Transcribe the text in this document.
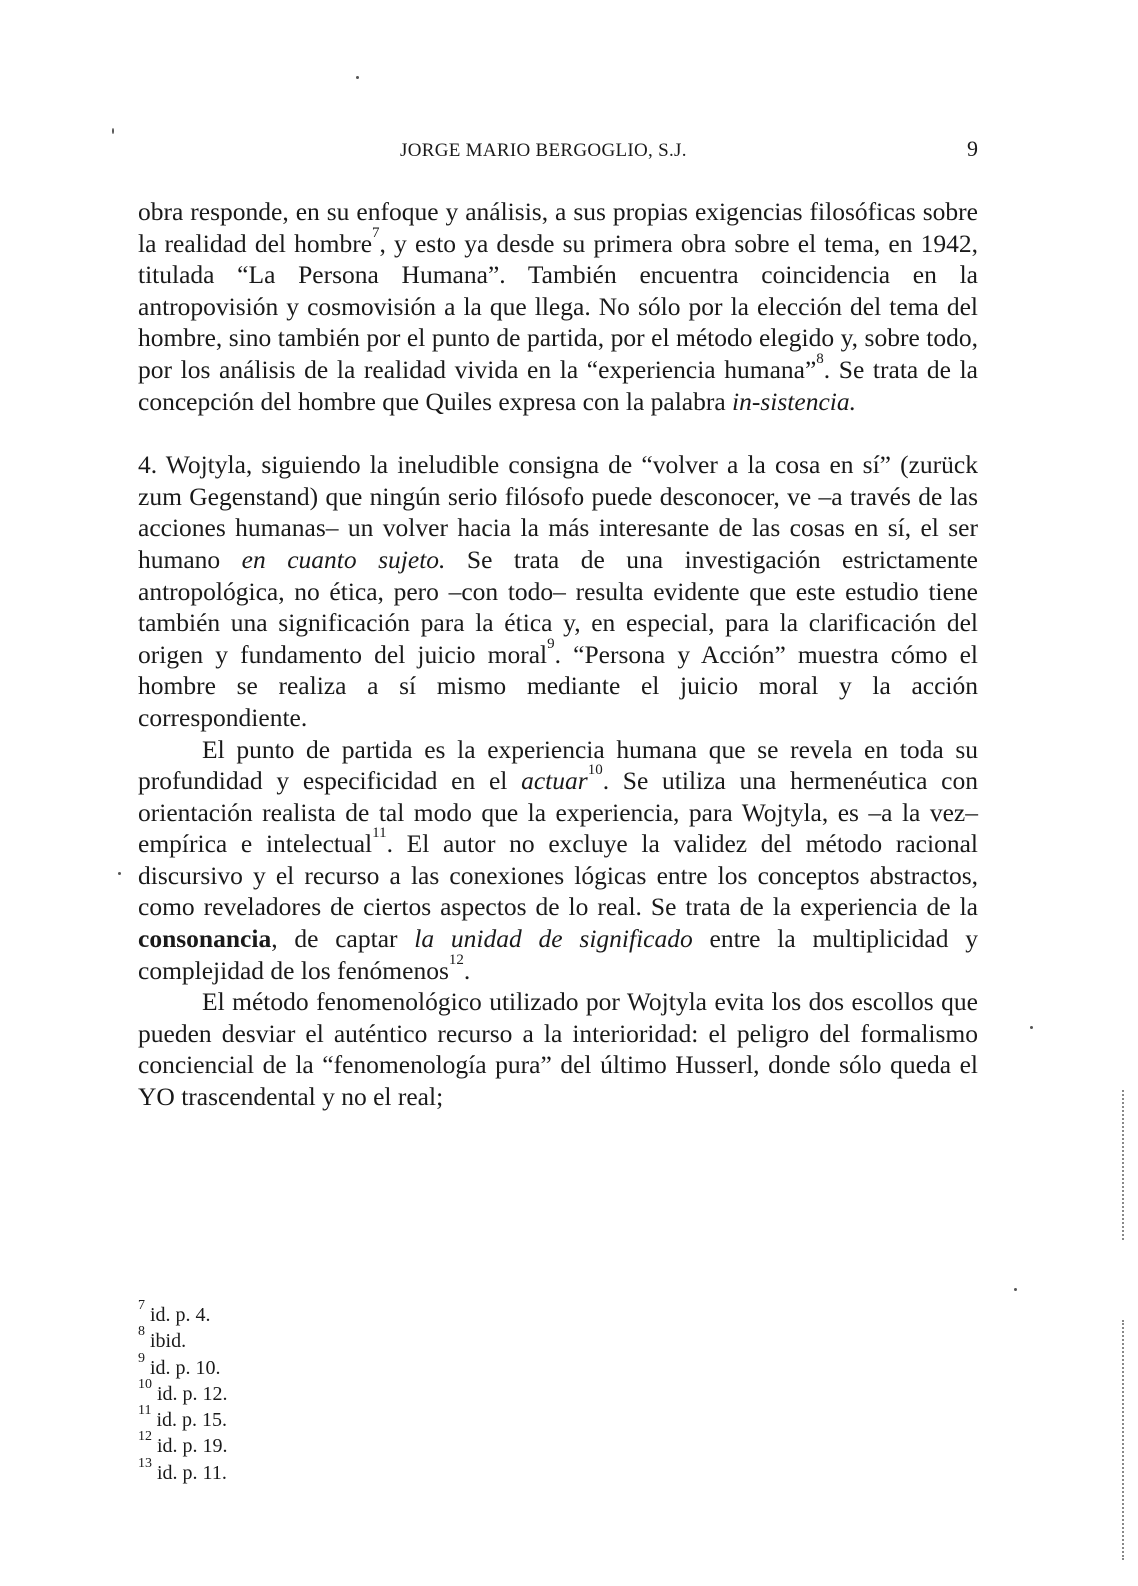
JORGE MARIO BERGOGLIO, S.J.	9

obra responde, en su enfoque y análisis, a sus propias exigencias filosóficas sobre la realidad del hombre$^7$, y esto ya desde su primera obra sobre el tema, en 1942, titulada “La Persona Humana”. También encuentra coincidencia en la antropovisión y cosmovisión a la que llega. No sólo por la elección del tema del hombre, sino también por el punto de partida, por el método elegido y, sobre todo, por los análisis de la realidad vivida en la “experiencia humana”$^8$. Se trata de la concepción del hombre que Quiles expresa con la palabra in-sistencia.

4. Wojtyla, siguiendo la ineludible consigna de “volver a la cosa en sí” (zurück zum Gegenstand) que ningún serio filósofo puede desconocer, ve –a través de las acciones humanas– un volver hacia la más interesante de las cosas en sí, el ser humano en cuanto sujeto. Se trata de una investigación estrictamente antropológica, no ética, pero –con todo– resulta evidente que este estudio tiene también una significación para la ética y, en especial, para la clarificación del origen y fundamento del juicio moral$^9$. “Persona y Acción” muestra cómo el hombre se realiza a sí mismo mediante el juicio moral y la acción correspondiente.

El punto de partida es la experiencia humana que se revela en toda su profundidad y especificidad en el actuar$^{10}$. Se utiliza una hermenéutica con orientación realista de tal modo que la experiencia, para Wojtyla, es –a la vez– empírica e intelectual$^{11}$. El autor no excluye la validez del método racional discursivo y el recurso a las conexiones lógicas entre los conceptos abstractos, como reveladores de ciertos aspectos de lo real. Se trata de la experiencia de la consonancia, de captar la unidad de significado entre la multiplicidad y complejidad de los fenómenos$^{12}$.

El método fenomenológico utilizado por Wojtyla evita los dos escollos que pueden desviar el auténtico recurso a la interioridad: el peligro del formalismo conciencial de la “fenomenología pura” del último Husserl, donde sólo queda el YO trascendental y no el real;

$^7$ id. p. 4.
$^8$ ibid.
$^9$ id. p. 10.
$^{10}$ id. p. 12.
$^{11}$ id. p. 15.
$^{12}$ id. p. 19.
$^{13}$ id. p. 11.
